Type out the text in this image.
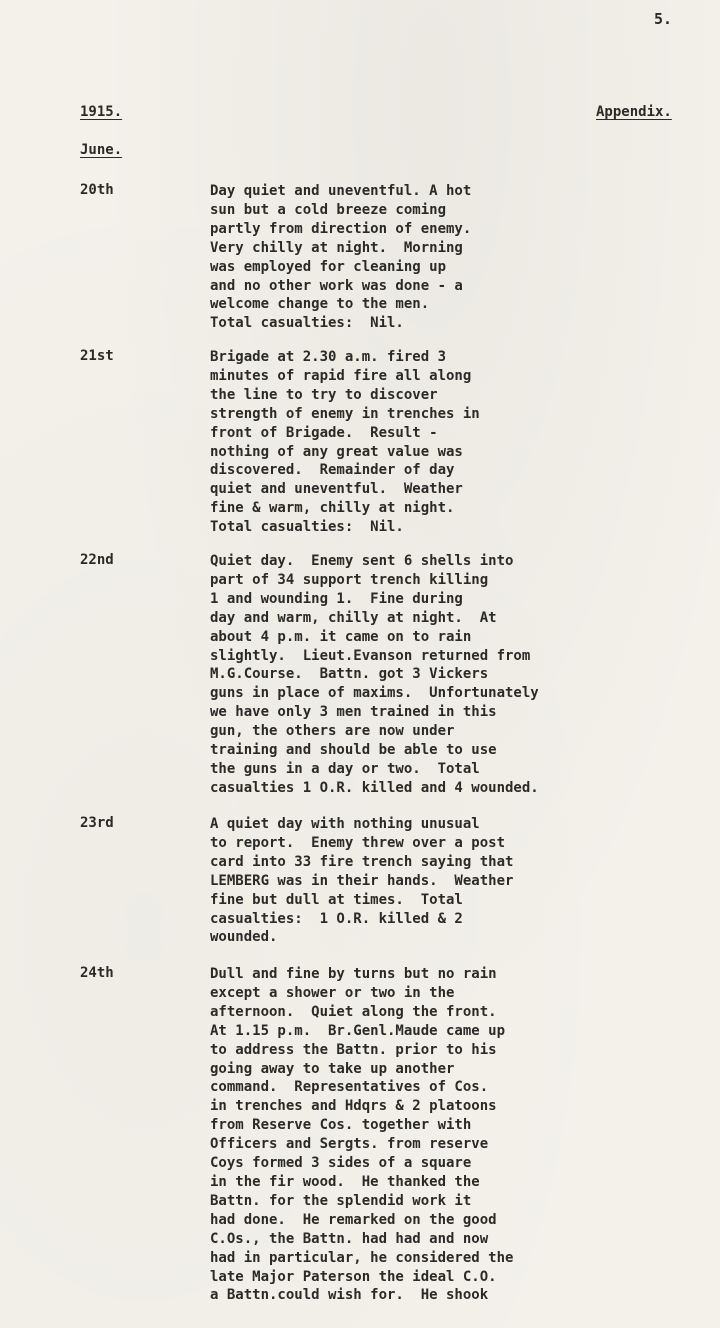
5.
1915.	Appendix.
June.
20th	Day quiet and uneventful. A hot
sun but a cold breeze coming
partly from direction of enemy.
Very chilly at night.  Morning
was employed for cleaning up
and no other work was done - a
welcome change to the men.
Total casualties:  Nil.
21st	Brigade at 2.30 a.m. fired 3
minutes of rapid fire all along
the line to try to discover
strength of enemy in trenches in
front of Brigade.  Result -
nothing of any great value was
discovered.  Remainder of day
quiet and uneventful.  Weather
fine & warm, chilly at night.
Total casualties:  Nil.
22nd	Quiet day.  Enemy sent 6 shells into
part of 34 support trench killing
1 and wounding 1.  Fine during
day and warm, chilly at night.  At
about 4 p.m. it came on to rain
slightly.  Lieut.Evanson returned from
M.G.Course.  Battn. got 3 Vickers
guns in place of maxims.  Unfortunately
we have only 3 men trained in this
gun, the others are now under
training and should be able to use
the guns in a day or two.  Total
casualties 1 O.R. killed and 4 wounded.
23rd	A quiet day with nothing unusual
to report.  Enemy threw over a post
card into 33 fire trench saying that
LEMBERG was in their hands.  Weather
fine but dull at times.  Total
casualties:  1 O.R. killed & 2
wounded.
24th	Dull and fine by turns but no rain
except a shower or two in the
afternoon.  Quiet along the front.
At 1.15 p.m.  Br.Genl.Maude came up
to address the Battn. prior to his
going away to take up another
command.  Representatives of Cos.
in trenches and Hdqrs & 2 platoons
from Reserve Cos. together with
Officers and Sergts. from reserve
Coys formed 3 sides of a square
in the fir wood.  He thanked the
Battn. for the splendid work it
had done.  He remarked on the good
C.Os., the Battn. had had and now
had in particular, he considered the
late Major Paterson the ideal C.O.
a Battn.could wish for.  He shook
